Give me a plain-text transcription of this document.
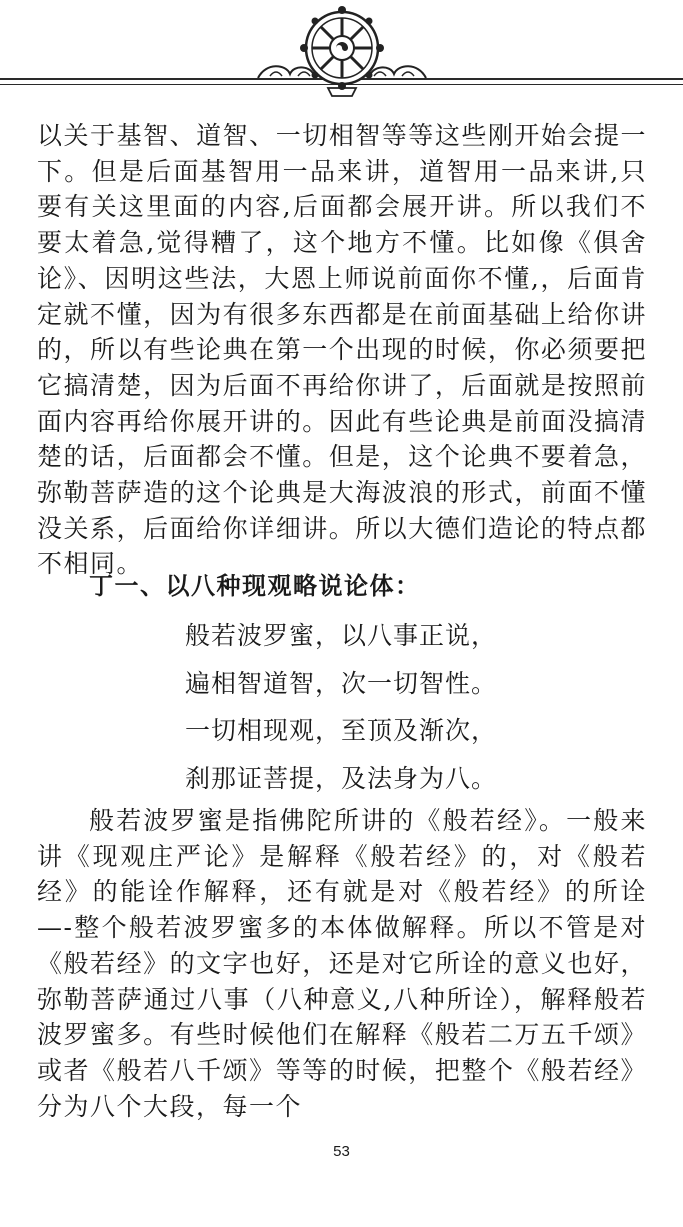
以关于基智、道智、一切相智等等这些刚开始会提一下。但是后面基智用一品来讲，道智用一品来讲,只要有关这里面的内容,后面都会展开讲。所以我们不要太着急,觉得糟了，这个地方不懂。比如像《俱舍论》、因明这些法，大恩上师说前面你不懂,，后面肯定就不懂，因为有很多东西都是在前面基础上给你讲的，所以有些论典在第一个出现的时候，你必须要把它搞清楚，因为后面不再给你讲了，后面就是按照前面内容再给你展开讲的。因此有些论典是前面没搞清楚的话，后面都会不懂。但是，这个论典不要着急，弥勒菩萨造的这个论典是大海波浪的形式，前面不懂没关系，后面给你详细讲。所以大德们造论的特点都不相同。

丁一、以八种现观略说论体：

般若波罗蜜，以八事正说，

遍相智道智，次一切智性。

一切相现观，至顶及渐次，

刹那证菩提，及法身为八。

般若波罗蜜是指佛陀所讲的《般若经》。一般来讲《现观庄严论》是解释《般若经》的，对《般若经》的能诠作解释，还有就是对《般若经》的所诠—-整个般若波罗蜜多的本体做解释。所以不管是对《般若经》的文字也好，还是对它所诠的意义也好，弥勒菩萨通过八事（八种意义,八种所诠），解释般若波罗蜜多。有些时候他们在解释《般若二万五千颂》或者《般若八千颂》等等的时候，把整个《般若经》分为八个大段，每一个

53
